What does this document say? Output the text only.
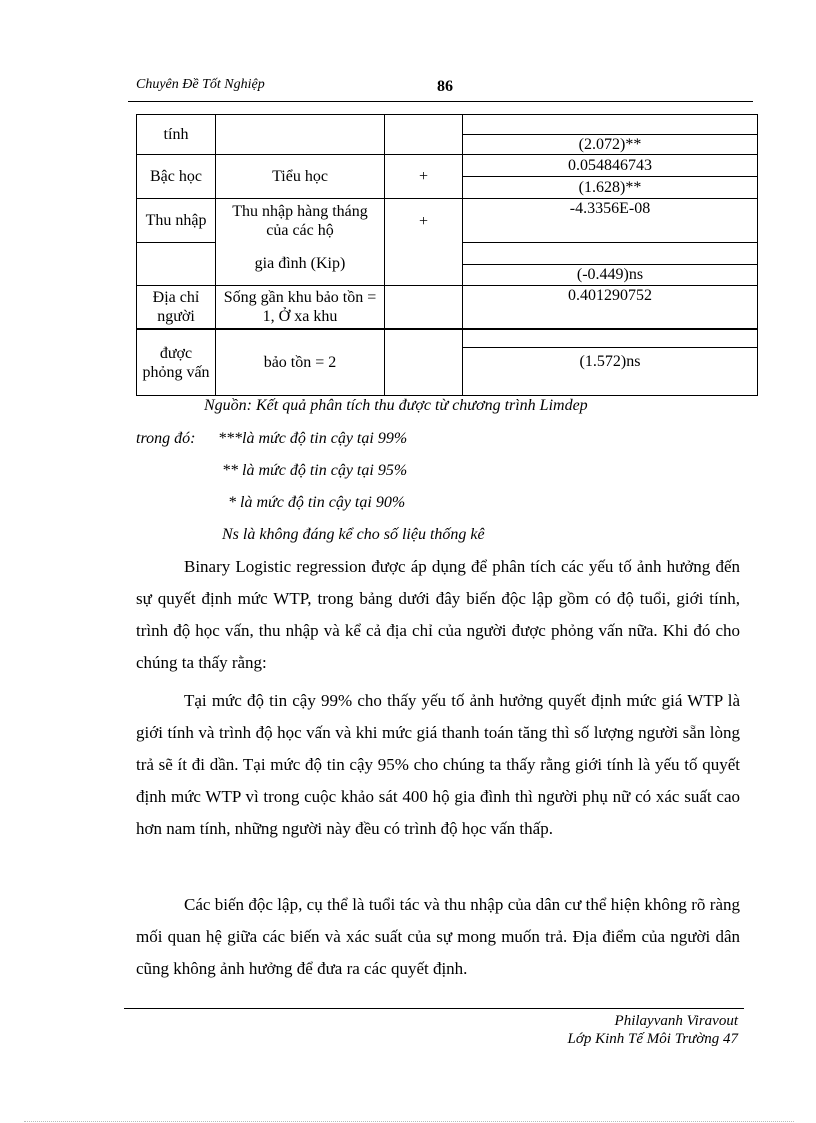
Chuyên Đề Tốt Nghiệp	86
tính			
			(2.072)**
Bậc học	Tiểu học	+	0.054846743
			(1.628)**
Thu nhập	Thu nhập hàng tháng của các hộ	+	-4.3356E-08
	gia đình (Kip)		
			(-0.449)ns
Địa chỉ người	Sống gần khu bảo tồn = 1, Ở xa khu		0.401290752
được phỏng vấn	bảo tồn = 2		
			(1.572)ns
Nguồn: Kết quả phân tích thu được từ chương trình Limdep
trong đó: ***là mức độ tin cậy tại 99%
** là mức độ tin cậy tại 95%
* là mức độ tin cậy tại 90%
Ns là không đáng kể cho số liệu thống kê

Binary Logistic regression được áp dụng để phân tích các yếu tố ảnh hưởng đến sự quyết định mức WTP, trong bảng dưới đây biến độc lập gồm có độ tuổi, giới tính, trình độ học vấn, thu nhập và kể cả địa chỉ của người được phỏng vấn nữa. Khi đó cho chúng ta thấy rằng:

Tại mức độ tin cậy 99% cho thấy yếu tố ảnh hưởng quyết định mức giá WTP là giới tính và trình độ học vấn và khi mức giá thanh toán tăng thì số lượng người sẵn lòng trả sẽ ít đi dần. Tại mức độ tin cậy 95% cho chúng ta thấy rằng giới tính là yếu tố quyết định mức WTP vì trong cuộc khảo sát 400 hộ gia đình thì người phụ nữ có xác suất cao hơn nam tính, những người này đều có trình độ học vấn thấp.

Các biến độc lập, cụ thể là tuổi tác và thu nhập của dân cư thể hiện không rõ ràng mối quan hệ giữa các biến và xác suất của sự mong muốn trả. Địa điểm của người dân cũng không ảnh hưởng để đưa ra các quyết định.

Philayvanh Viravout
Lớp Kinh Tế Môi Trường 47
